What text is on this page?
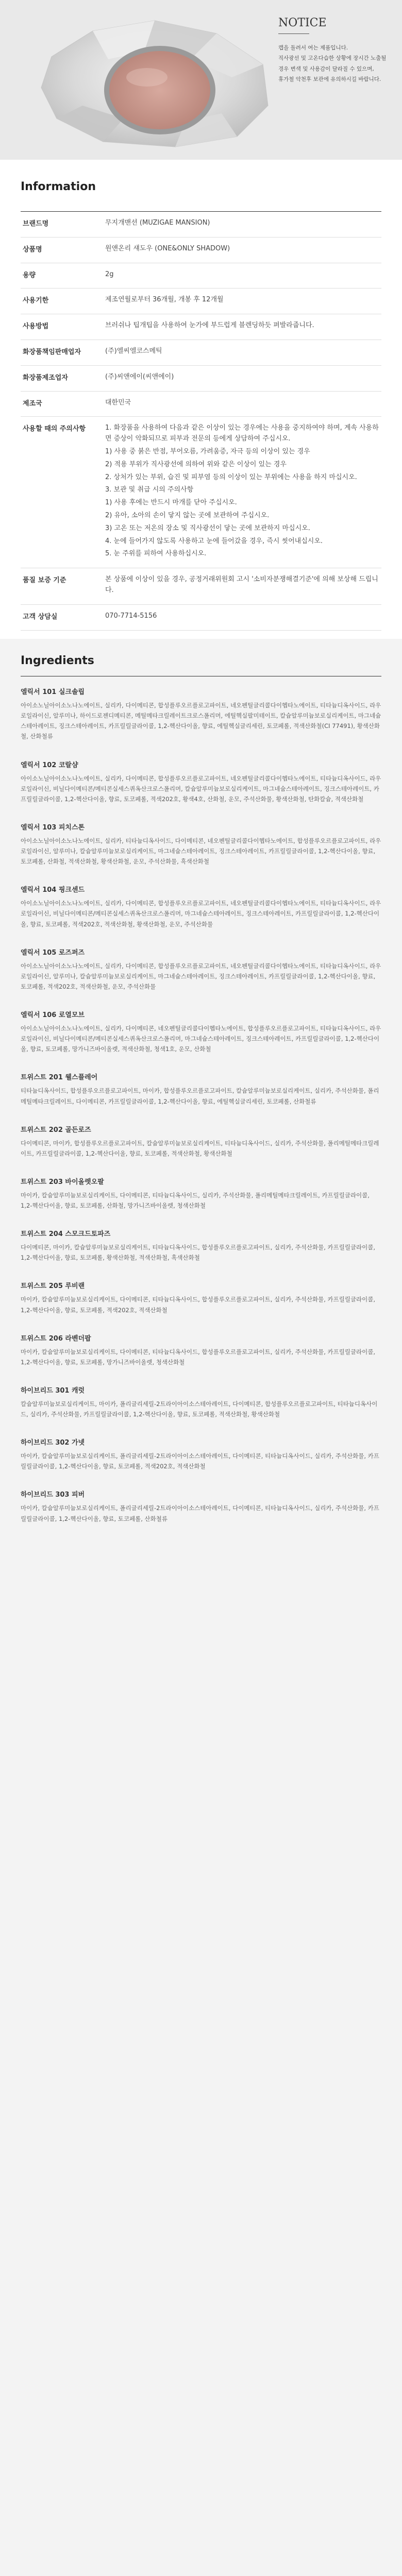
NOTICE
캡을 돌려서 여는 제품입니다.
직사광선 및 고온다습한 상황에 장시간 노출될
경우 변색 및 사용감이 달라질 수 있으며,
휴가철 악천후 보관에 유의하시길 바랍니다.
Information
브랜드명	무지개맨션 (MUZIGAE MANSION)
상품명	원앤온리 섀도우 (ONE&ONLY SHADOW)
용량	2g
사용기한	제조연월로부터 36개월, 개봉 후 12개월
사용방법	브러쉬나 팁개팁을 사용하여 눈가에 부드럽게 블렌딩하듯 펴발라줍니다.
화장품책임판매업자	(주)엘씨엘코스메틱
화장품제조업자	(주)씨앤에이(씨앤에이)
제조국	대한민국
사용할 때의 주의사항	1. 화장품을 사용하여 다음과 같은 이상이 있는 경우에는 사용을 중지하여야 하며, 계속 사용하면 증상이 악화되므로 피부과 전문의 등에게 상담하여 주십시오.
1) 사용 중 붉은 반점, 부어오름, 가려움증, 자극 등의 이상이 있는 경우
2) 적용 부위가 직사광선에 의하여 위와 같은 이상이 있는 경우
2. 상처가 있는 부위, 습진 및 피부염 등의 이상이 있는 부위에는 사용을 하지 마십시오.
3. 보관 및 취급 시의 주의사항
1) 사용 후에는 반드시 마개를 닫아 주십시오.
2) 유아, 소아의 손이 닿지 않는 곳에 보관하여 주십시오.
3) 고온 또는 저온의 장소 및 직사광선이 닿는 곳에 보관하지 마십시오.
4. 눈에 들어가지 않도록 사용하고 눈에 들어갔을 경우, 즉시 씻어내십시오.
5. 눈 주위를 피하여 사용하십시오.
품질 보증 기준	본 상품에 이상이 있을 경우, 공정거래위원회 고시 '소비자분쟁해결기준'에 의해 보상해 드립니다.
고객 상담실	070-7714-5156
Ingredients
엘릭서 101 실크솔립
아이소노닐아이소노나노에이트, 실리카, 다이메티콘, 합성플루오르플로고파이트, 네오펜틸글리콜다이헵타노에이트, 티타늄디옥사이드, 라우로일라이신, 알루미나, 하이드로젠디메티콘, 메틸메타크릴레이트크로스폴리머, 에틸헥실팔미테이트, 칼슘알루미늄보로실리케이트, 마그네슘스테아레이트, 징크스테아레이트, 카프릴릴글라이콜, 1,2-헥산다이올, 향료, 에틸헥실글리세린, 토코페롤, 적색산화철(CI 77491), 황색산화철, 산화철류
엘릭서 102 코랄샴
아이소노닐아이소노나노에이트, 실리카, 다이메티콘, 합성플루오르플로고파이트, 네오펜틸글리콜다이헵타노에이트, 티타늄디옥사이드, 라우로일라이신, 비닐다이메티콘/메티콘실세스퀴옥산크로스폴리머, 칼슘알루미늄보로실리케이트, 마그네슘스테아레이트, 징크스테아레이트, 카프릴릴글라이콜, 1,2-헥산다이올, 향료, 토코페롤, 적색202호, 황색4호, 산화철, 운모, 주석산화물, 황색산화철, 탄화칼슘, 적색산화철
엘릭서 103 피치스톤
아이소노닐아이소노나노에이트, 실리카, 티타늄디옥사이드, 다이메티콘, 네오펜틸글리콜다이헵타노에이트, 합성플루오르플로고파이트, 라우로일라이신, 알루미나, 칼슘알루미늄보로실리케이트, 마그네슘스테아레이트, 징크스테아레이트, 카프릴릴글라이콜, 1,2-헥산다이올, 향료, 토코페롤, 산화철, 적색산화철, 황색산화철, 운모, 주석산화물, 흑색산화철
엘릭서 104 핑크센드
아이소노닐아이소노나노에이트, 실리카, 다이메티콘, 합성플루오르플로고파이트, 네오펜틸글리콜다이헵타노에이트, 티타늄디옥사이드, 라우로일라이신, 비닐다이메티콘/메티콘실세스퀴옥산크로스폴리머, 마그네슘스테아레이트, 징크스테아레이트, 카프릴릴글라이콜, 1,2-헥산다이올, 향료, 토코페롤, 적색202호, 적색산화철, 황색산화철, 운모, 주석산화물
엘릭서 105 로즈퍼즈
아이소노닐아이소노나노에이트, 실리카, 다이메티콘, 합성플루오르플로고파이트, 네오펜틸글리콜다이헵타노에이트, 티타늄디옥사이드, 라우로일라이신, 알루미나, 칼슘알루미늄보로실리케이트, 마그네슘스테아레이트, 징크스테아레이트, 카프릴릴글라이콜, 1,2-헥산다이올, 향료, 토코페롤, 적색202호, 적색산화철, 운모, 주석산화물
엘릭서 106 로열모브
아이소노닐아이소노나노에이트, 실리카, 다이메티콘, 네오펜틸글리콜다이헵타노에이트, 합성플루오르플로고파이트, 티타늄디옥사이드, 라우로일라이신, 비닐다이메티콘/메티콘실세스퀴옥산크로스폴리머, 마그네슘스테아레이트, 징크스테아레이트, 카프릴릴글라이콜, 1,2-헥산다이올, 향료, 토코페롤, 망가니즈바이올렛, 적색산화철, 청색1호, 운모, 산화철
트위스트 201 웰스플레어
티타늄디옥사이드, 합성플루오르플로고파이트, 마이카, 합성플루오르플로고파이트, 칼슘알루미늄보로실리케이트, 실리카, 주석산화물, 폴리메틸메타크릴레이트, 다이메티콘, 카프릴릴글라이콜, 1,2-헥산다이올, 향료, 에틸헥실글리세린, 토코페롤, 산화철류
트위스트 202 골든로즈
다이메티콘, 마이카, 합성플루오르플로고파이트, 칼슘알루미늄보로실리케이트, 티타늄디옥사이드, 실리카, 주석산화물, 폴리메틸메타크릴레이트, 카프릴릴글라이콜, 1,2-헥산다이올, 향료, 토코페롤, 적색산화철, 황색산화철
트위스트 203 바이올렛오팔
마이카, 칼슘알루미늄보로실리케이트, 다이메티콘, 티타늄디옥사이드, 실리카, 주석산화물, 폴리메틸메타크릴레이트, 카프릴릴글라이콜, 1,2-헥산다이올, 향료, 토코페롤, 산화철, 망가니즈바이올렛, 청색산화철
트위스트 204 스모크드토파즈
다이메티콘, 마이카, 칼슘알루미늄보로실리케이트, 티타늄디옥사이드, 합성플루오르플로고파이트, 실리카, 주석산화물, 카프릴릴글라이콜, 1,2-헥산다이올, 향료, 토코페롤, 황색산화철, 적색산화철, 흑색산화철
트위스트 205 루비랜
마이카, 칼슘알루미늄보로실리케이트, 다이메티콘, 티타늄디옥사이드, 합성플루오르플로고파이트, 실리카, 주석산화물, 카프릴릴글라이콜, 1,2-헥산다이올, 향료, 토코페롤, 적색202호, 적색산화철
트위스트 206 라벤더팝
마이카, 칼슘알루미늄보로실리케이트, 다이메티콘, 티타늄디옥사이드, 합성플루오르플로고파이트, 실리카, 주석산화물, 카프릴릴글라이콜, 1,2-헥산다이올, 향료, 토코페롤, 망가니즈바이올렛, 청색산화철
하이브리드 301 캐럿
칼슘알루미늄보로실리케이트, 마이카, 폴리글리세릴-2트라이아이소스테아레이트, 다이메티콘, 합성플루오르플로고파이트, 티타늄디옥사이드, 실리카, 주석산화물, 카프릴릴글라이콜, 1,2-헥산다이올, 향료, 토코페롤, 적색산화철, 황색산화철
하이브리드 302 가넷
마이카, 칼슘알루미늄보로실리케이트, 폴리글리세릴-2트라이아이소스테아레이트, 다이메티콘, 티타늄디옥사이드, 실리카, 주석산화물, 카프릴릴글라이콜, 1,2-헥산다이올, 향료, 토코페롤, 적색202호, 적색산화철
하이브리드 303 피버
마이카, 칼슘알루미늄보로실리케이트, 폴리글리세릴-2트라이아이소스테아레이트, 다이메티콘, 티타늄디옥사이드, 실리카, 주석산화물, 카프릴릴글라이콜, 1,2-헥산다이올, 향료, 토코페롤, 산화철류
